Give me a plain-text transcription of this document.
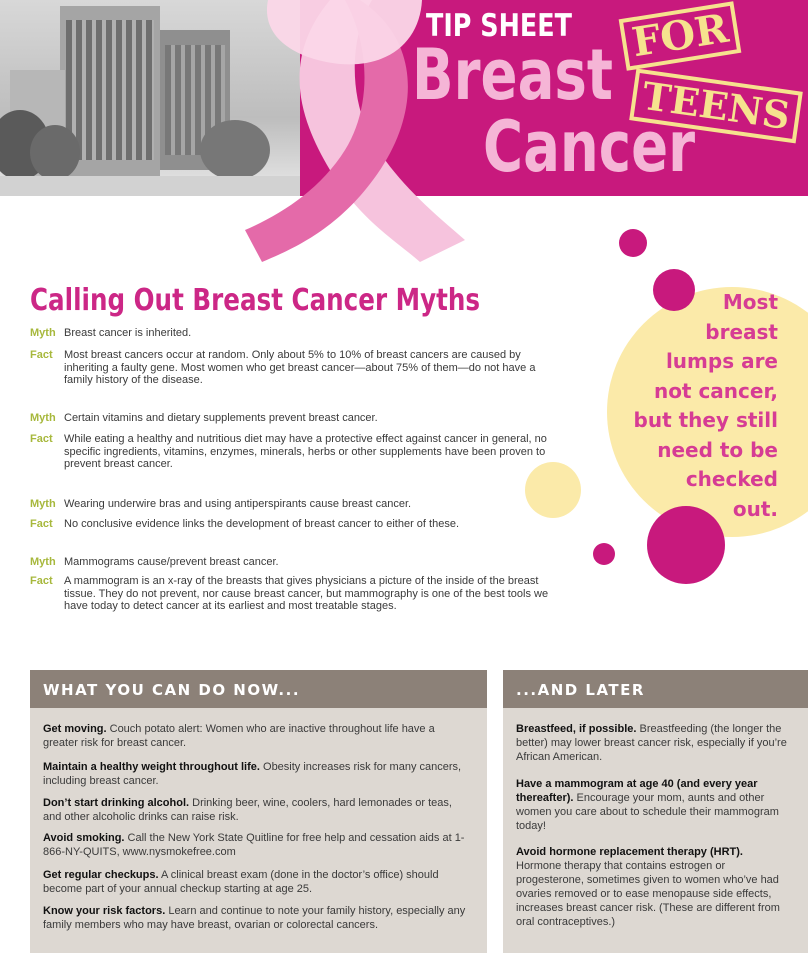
TIP SHEET
Breast
Cancer
FOR
TEENS
Calling Out Breast Cancer Myths
Myth Breast cancer is inherited.
Fact	Most breast cancers occur at random. Only about 5% to 10% of breast cancers are caused by inheriting a faulty gene. Most women who get breast cancer—about 75% of them—do not have a family history of the disease.
Myth Certain vitamins and dietary supplements prevent breast cancer.
Fact	While eating a healthy and nutritious diet may have a protective effect against cancer in general, no specific ingredients, vitamins, enzymes, minerals, herbs or other supplements have been proven to prevent breast cancer.
Myth Wearing underwire bras and using antiperspirants cause breast cancer.
Fact	No conclusive evidence links the development of breast cancer to either of these.
Myth Mammograms cause/prevent breast cancer.
Fact	A mammogram is an x-ray of the breasts that gives physicians a picture of the inside of the breast tissue. They do not prevent, nor cause breast cancer, but mammography is one of the best tools we have today to detect cancer at its earliest and most treatable stages.
Most
breast
lumps are
not cancer,
but they still
need to be
checked
out.
WHAT YOU CAN DO NOW...
Get moving. Couch potato alert: Women who are inactive throughout life have a greater risk for breast cancer.
Maintain a healthy weight throughout life. Obesity increases risk for many cancers, including breast cancer.
Don’t start drinking alcohol. Drinking beer, wine, coolers, hard lemonades or teas, and other alcoholic drinks can raise risk.
Avoid smoking. Call the New York State Quitline for free help and cessation aids at 1-866-NY-QUITS, www.nysmokefree.com
Get regular checkups. A clinical breast exam (done in the doctor’s office) should become part of your annual checkup starting at age 25.
Know your risk factors. Learn and continue to note your family history, especially any family members who may have breast, ovarian or colorectal cancers.
...AND LATER
Breastfeed, if possible. Breastfeeding (the longer the better) may lower breast cancer risk, especially if you’re African American.
Have a mammogram at age 40 (and every year thereafter). Encourage your mom, aunts and other women you care about to schedule their mammogram today!
Avoid hormone replacement therapy (HRT). Hormone therapy that contains estrogen or progesterone, sometimes given to women who’ve had ovaries removed or to ease menopause side effects, increases breast cancer risk. (These are different from oral contraceptives.)
